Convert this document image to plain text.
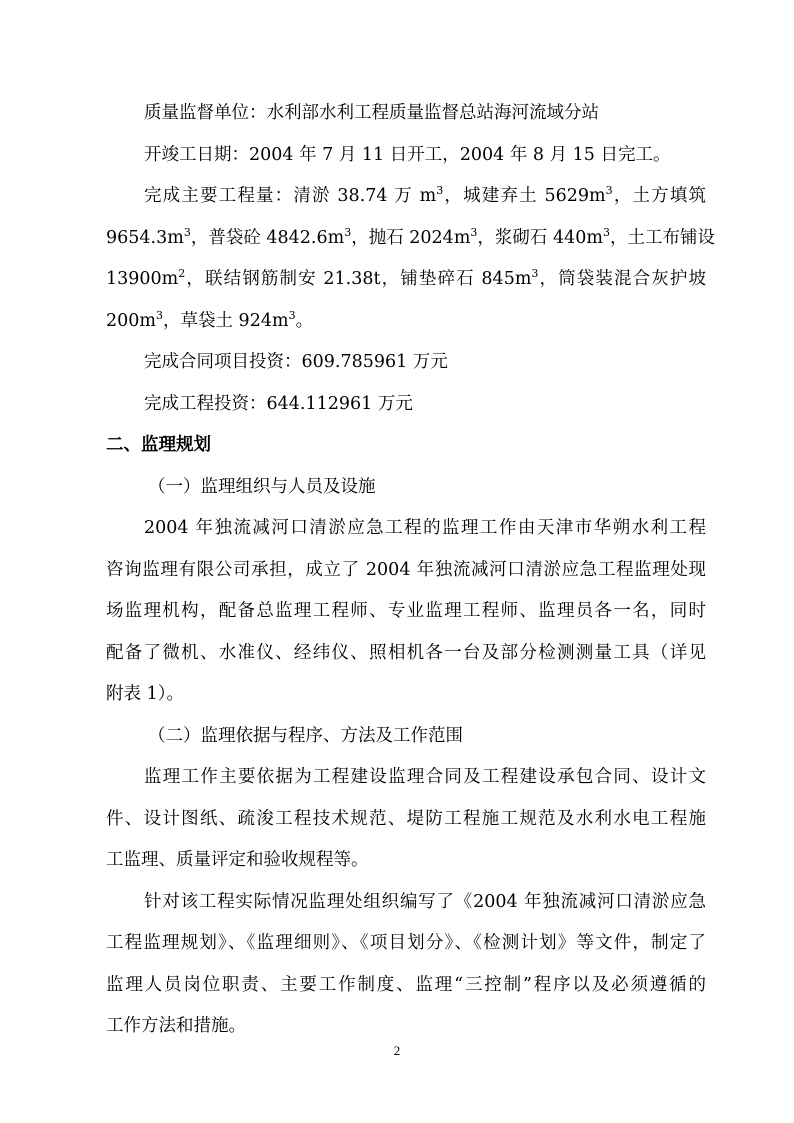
质量监督单位：水利部水利工程质量监督总站海河流域分站
开竣工日期：2004 年 7 月 11 日开工，2004 年 8 月 15 日完工。
完成主要工程量：清淤 38.74 万 $m^3$，城建弃土 $5629m^3$，土方填筑
$9654.3m^3$，普袋砼 $4842.6m^3$，抛石 $2024m^3$，浆砌石 $440m^3$，土工布铺设
$13900m^2$，联结钢筋制安 21.38t，铺垫碎石 $845m^3$，筒袋装混合灰护坡
$200m^3$，草袋土 $924m^3$。
完成合同项目投资：609.785961 万元
完成工程投资：644.112961 万元
二、监理规划
（一）监理组织与人员及设施
2004 年独流减河口清淤应急工程的监理工作由天津市华朔水利工程
咨询监理有限公司承担，成立了 2004 年独流减河口清淤应急工程监理处现
场监理机构，配备总监理工程师、专业监理工程师、监理员各一名，同时
配备了微机、水准仪、经纬仪、照相机各一台及部分检测测量工具（详见
附表 1）。
（二）监理依据与程序、方法及工作范围
监理工作主要依据为工程建设监理合同及工程建设承包合同、设计文
件、设计图纸、疏浚工程技术规范、堤防工程施工规范及水利水电工程施
工监理、质量评定和验收规程等。
针对该工程实际情况监理处组织编写了《2004 年独流减河口清淤应急
工程监理规划》、《监理细则》、《项目划分》、《检测计划》等文件，制定了
监理人员岗位职责、主要工作制度、监理“三控制”程序以及必须遵循的
工作方法和措施。
2
